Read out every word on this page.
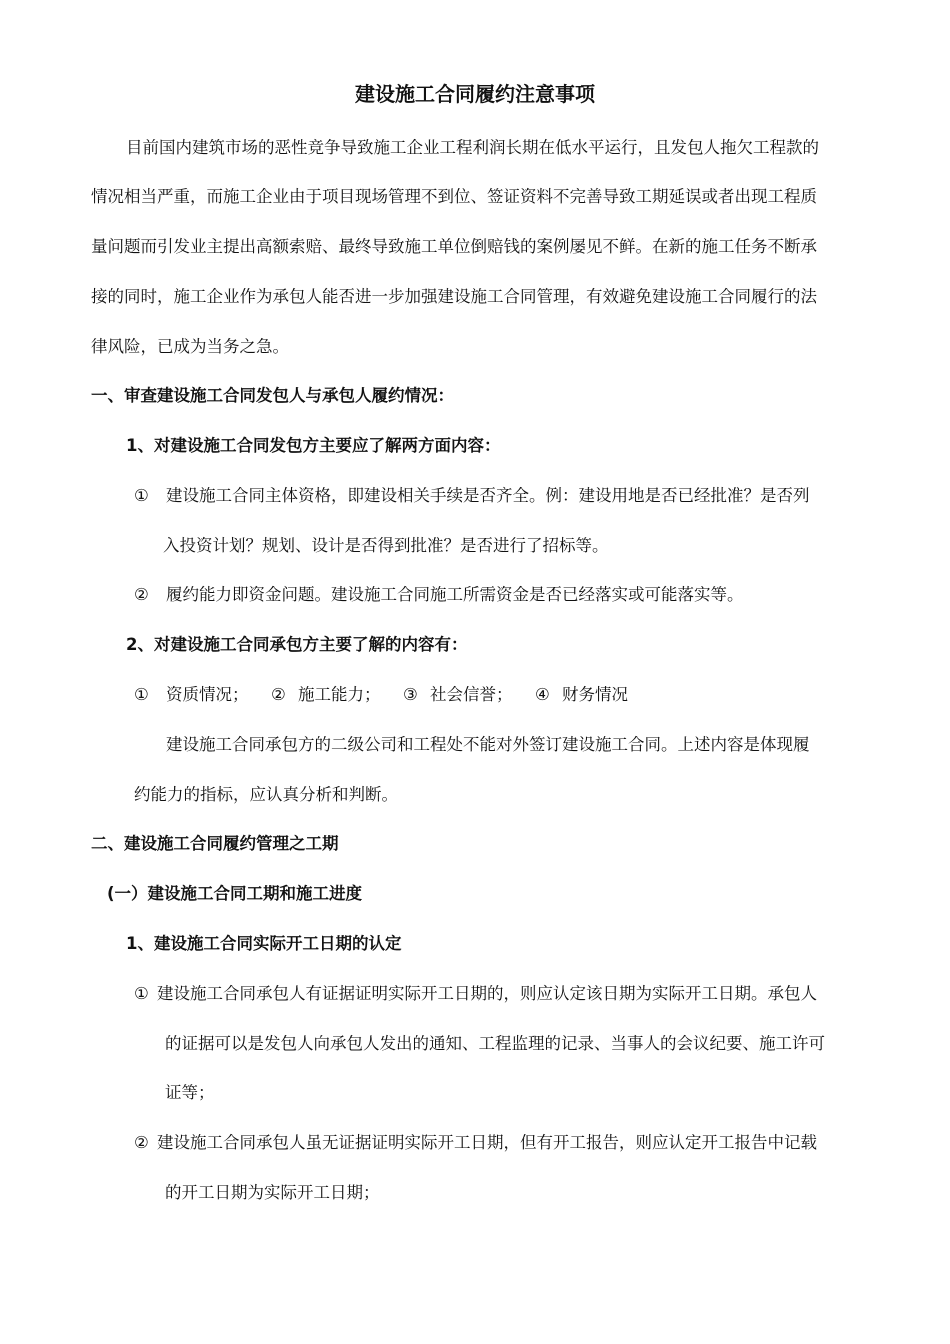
建设施工合同履约注意事项
目前国内建筑市场的恶性竞争导致施工企业工程利润长期在低水平运行，且发包人拖欠工程款的
情况相当严重，而施工企业由于项目现场管理不到位、签证资料不完善导致工期延误或者出现工程质
量问题而引发业主提出高额索赔、最终导致施工单位倒赔钱的案例屡见不鲜。在新的施工任务不断承
接的同时，施工企业作为承包人能否进一步加强建设施工合同管理，有效避免建设施工合同履行的法
律风险，已成为当务之急。
一、审查建设施工合同发包人与承包人履约情况：
1、对建设施工合同发包方主要应了解两方面内容：
① 建设施工合同主体资格，即建设相关手续是否齐全。例：建设用地是否已经批准？是否列
入投资计划？规划、设计是否得到批准？是否进行了招标等。
② 履约能力即资金问题。建设施工合同施工所需资金是否已经落实或可能落实等。
2、对建设施工合同承包方主要了解的内容有：
① 资质情况； ② 施工能力； ③ 社会信誉； ④ 财务情况
建设施工合同承包方的二级公司和工程处不能对外签订建设施工合同。上述内容是体现履
约能力的指标，应认真分析和判断。
二、建设施工合同履约管理之工期
(一）建设施工合同工期和施工进度
1、建设施工合同实际开工日期的认定
① 建设施工合同承包人有证据证明实际开工日期的，则应认定该日期为实际开工日期。承包人
的证据可以是发包人向承包人发出的通知、工程监理的记录、当事人的会议纪要、施工许可
证等；
② 建设施工合同承包人虽无证据证明实际开工日期，但有开工报告，则应认定开工报告中记载
的开工日期为实际开工日期；
